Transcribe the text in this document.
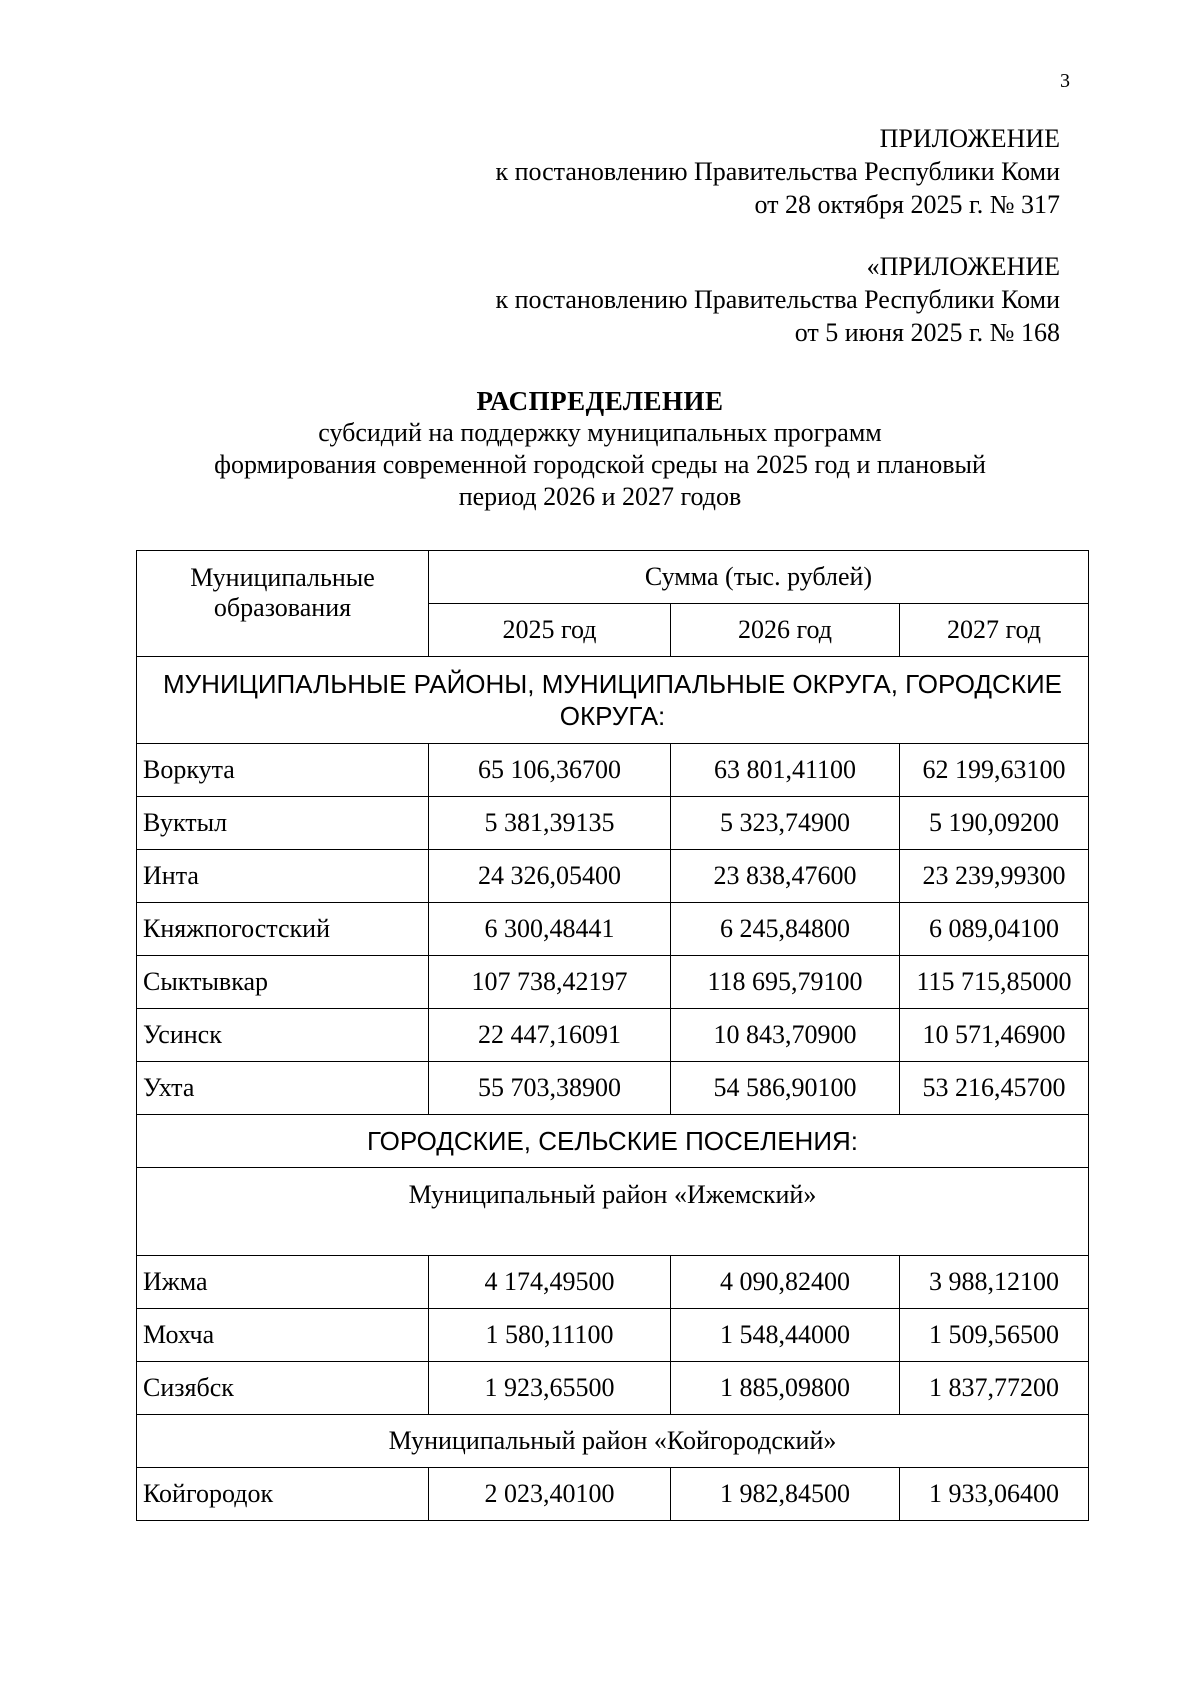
3
ПРИЛОЖЕНИЕ
к постановлению Правительства Республики Коми
от 28 октября 2025 г. № 317
«ПРИЛОЖЕНИЕ
к постановлению Правительства Республики Коми
от 5 июня 2025 г. № 168
РАСПРЕДЕЛЕНИЕ
субсидий на поддержку муниципальных программ
формирования современной городской среды на 2025 год и плановый
период 2026 и 2027 годов
Муниципальные образования	Сумма (тыс. рублей)		
	2025 год	2026 год	2027 год
МУНИЦИПАЛЬНЫЕ РАЙОНЫ, МУНИЦИПАЛЬНЫЕ ОКРУГА, ГОРОДСКИЕ ОКРУГА:			
Воркута	65 106,36700	63 801,41100	62 199,63100
Вуктыл	5 381,39135	5 323,74900	5 190,09200
Инта	24 326,05400	23 838,47600	23 239,99300
Княжпогостский	6 300,48441	6 245,84800	6 089,04100
Сыктывкар	107 738,42197	118 695,79100	115 715,85000
Усинск	22 447,16091	10 843,70900	10 571,46900
Ухта	55 703,38900	54 586,90100	53 216,45700
ГОРОДСКИЕ, СЕЛЬСКИЕ ПОСЕЛЕНИЯ:			
Муниципальный район «Ижемский»			
Ижма	4 174,49500	4 090,82400	3 988,12100
Мохча	1 580,11100	1 548,44000	1 509,56500
Сизябск	1 923,65500	1 885,09800	1 837,77200
Муниципальный район «Койгородский»			
Койгородок	2 023,40100	1 982,84500	1 933,06400
